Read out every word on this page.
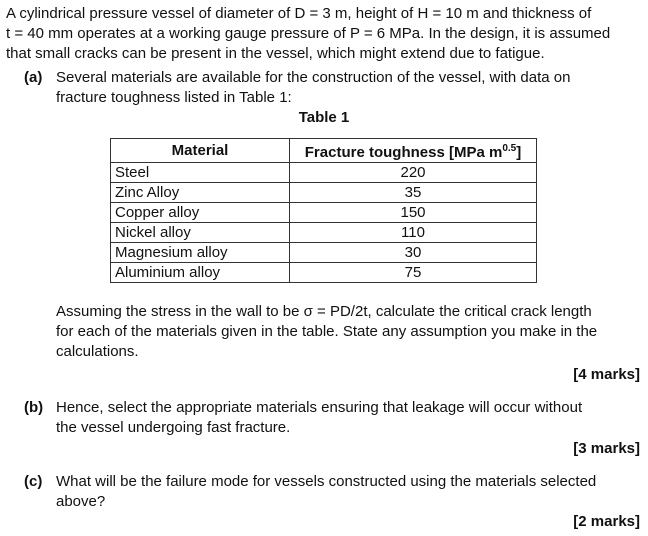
A cylindrical pressure vessel of diameter of D = 3 m, height of H = 10 m and thickness of
t = 40 mm operates at a working gauge pressure of P = 6 MPa. In the design, it is assumed
that small cracks can be present in the vessel, which might extend due to fatigue.
(a) Several materials are available for the construction of the vessel, with data on
fracture toughness listed in Table 1:
Table 1
Material	Fracture toughness [MPa $m^{0.5}$]
Steel	220
Zinc Alloy	35
Copper alloy	150
Nickel alloy	110
Magnesium alloy	30
Aluminium alloy	75
Assuming the stress in the wall to be σ = PD/2t, calculate the critical crack length
for each of the materials given in the table. State any assumption you make in the
calculations.
[4 marks]
(b) Hence, select the appropriate materials ensuring that leakage will occur without
the vessel undergoing fast fracture.
[3 marks]
(c) What will be the failure mode for vessels constructed using the materials selected
above?
[2 marks]
